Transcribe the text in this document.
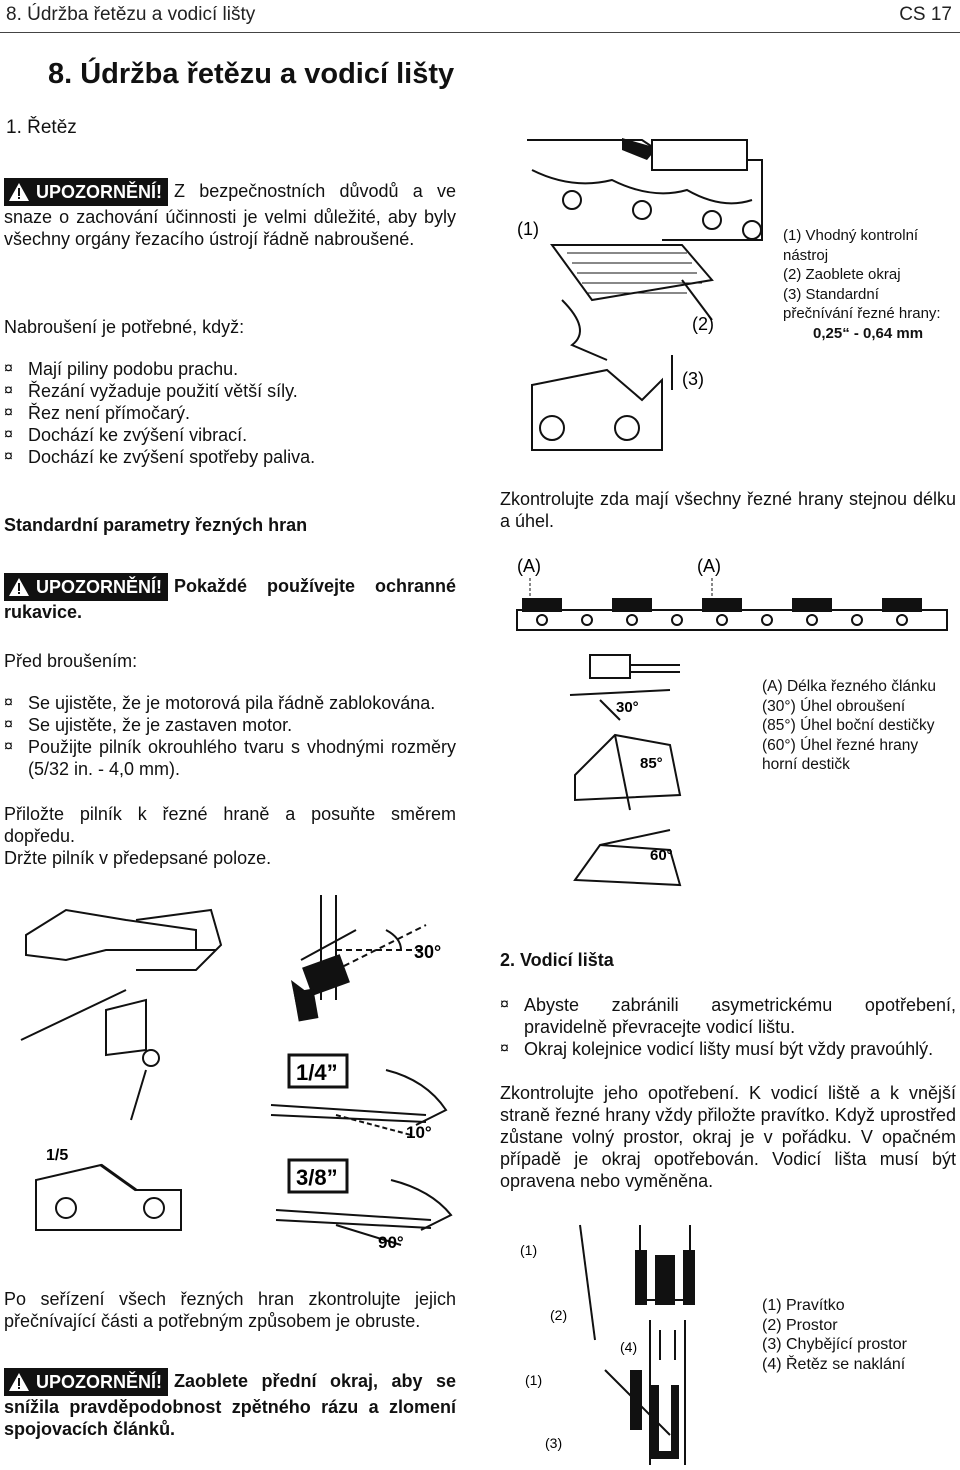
8. Údržba řetězu a vodicí lišty	CS 17
8. Údržba řetězu a vodicí lišty
1. Řetěz
UPOZORNĚNÍ! Z bezpečnostních důvodů a ve snaze o zachování účinnosti je velmi důležité, aby byly všechny orgány řezacího ústrojí řádně nabroušené.
Nabroušení je potřebné, když:
¤ Mají piliny podobu prachu.
¤ Řezání vyžaduje použití větší síly.
¤ Řez není přímočarý.
¤ Dochází ke zvýšení vibrací.
¤ Dochází ke zvýšení spotřeby paliva.
Standardní parametry řezných hran
UPOZORNĚNÍ! Pokaždé používejte ochranné rukavice.
Před broušením:
¤ Se ujistěte, že je motorová pila řádně zablokována.
¤ Se ujistěte, že je zastaven motor.
¤ Použijte pilník okrouhlého tvaru s vhodnými rozměry (5/32 in. - 4,0 mm).
Přiložte pilník k řezné hraně a posuňte směrem dopředu.
Držte pilník v předepsané poloze.
(1)
(2)
(3)
(1) Vhodný kontrolní nástroj
(2) Zaoblete okraj
(3) Standardní přečnívání řezné hrany:
0,25“ - 0,64 mm
Zkontrolujte zda mají všechny řezné hrany stejnou délku a úhel.
(A)	(A)
30°
85°
60°
(A) Délka řezného článku
(30°) Úhel obroušení
(85°) Úhel boční destičky
(60°) Úhel řezné hrany horní destičk
30°
1/4”
10°
3/8”
90°
1/5
2. Vodicí lišta
¤ Abyste zabránili asymetrickému opotřebení, pravidelně převracejte vodicí lištu.
¤ Okraj kolejnice vodicí lišty musí být vždy pravoúhlý.
Zkontrolujte jeho opotřebení. K vodicí liště a k vnější straně řezné hrany vždy přiložte pravítko. Když uprostřed zůstane volný prostor, okraj je v pořádku. V opačném případě je okraj opotřebován. Vodicí lišta musí být opravena nebo vyměněna.
(1)
(2)
(4)
(1)
(3)
(1) Pravítko
(2) Prostor
(3) Chybějící prostor
(4) Řetěz se naklání
Po seřízení všech řezných hran zkontrolujte jejich přečnívající části a potřebným způsobem je obruste.
UPOZORNĚNÍ! Zaoblete přední okraj, aby se snížila pravděpodobnost zpětného rázu a zlomení spojovacích článků.
